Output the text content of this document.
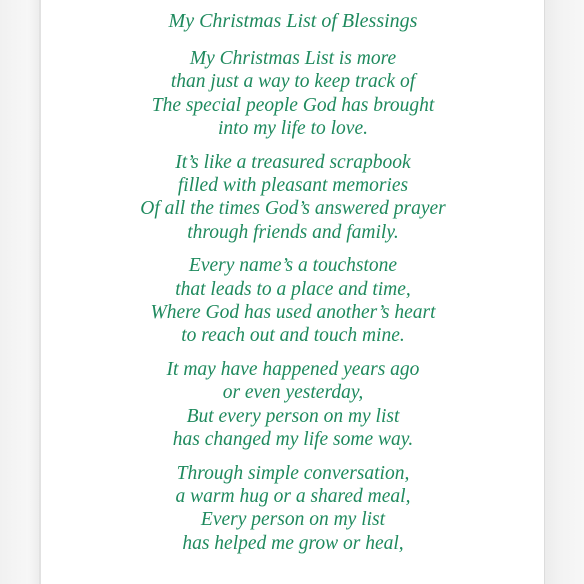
My Christmas List of Blessings
My Christmas List is more
than just a way to keep track of
The special people God has brought
into my life to love.
It’s like a treasured scrapbook
filled with pleasant memories
Of all the times God’s answered prayer
through friends and family.
Every name’s a touchstone
that leads to a place and time,
Where God has used another’s heart
to reach out and touch mine.
It may have happened years ago
or even yesterday,
But every person on my list
has changed my life some way.
Through simple conversation,
a warm hug or a shared meal,
Every person on my list
has helped me grow or heal,
